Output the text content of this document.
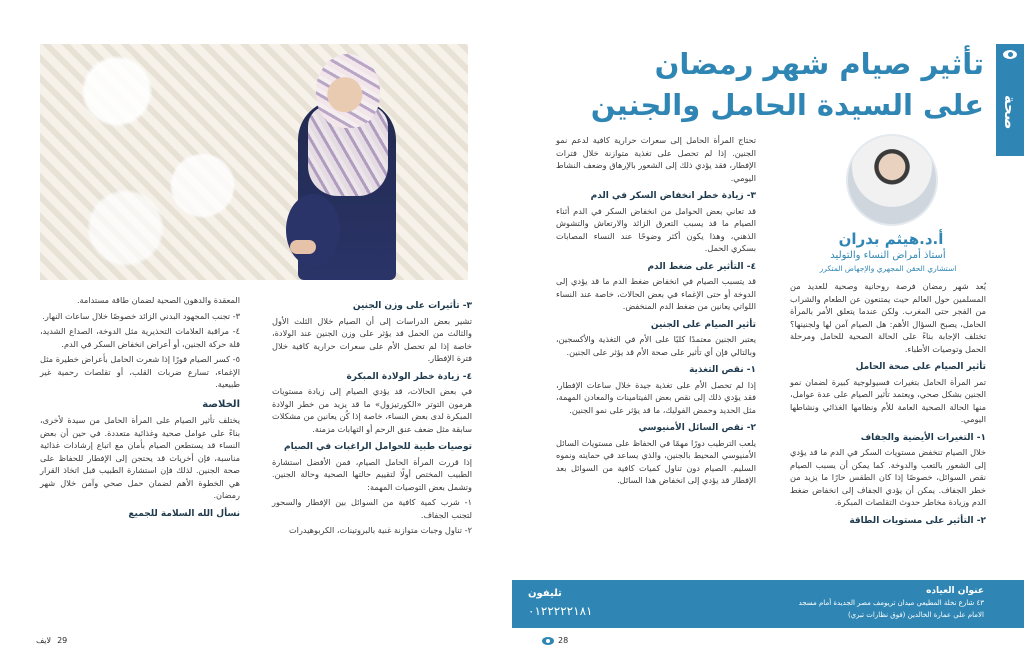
صحة
تأثير صيام شهر رمضان
على السيدة الحامل والجنين
أ.د.هيثم بدران
أستاذ أمراض النساء والتوليد
استشاري الحقن المجهري والإجهاض المتكرر

يُعد شهر رمضان فرصة روحانية وصحية للعديد من المسلمين حول العالم حيث يمتنعون عن الطعام والشراب من الفجر حتى المغرب. ولكن عندما يتعلق الأمر بالمرأة الحامل، يصبح السؤال الأهم: هل الصيام آمن لها ولجنينها؟ تختلف الإجابة بناءً على الحالة الصحية للحامل ومرحلة الحمل وتوصيات الأطباء.

تأثير الصيام على صحة الحامل

تمر المرأة الحامل بتغيرات فسيولوجية كبيرة لضمان نمو الجنين بشكل صحي، ويعتمد تأثير الصيام على عدة عوامل، منها الحالة الصحية العامة للأم ونظامها الغذائي ونشاطها اليومي.

١- التغيرات الأيضية والجفاف

خلال الصيام تنخفض مستويات السكر في الدم ما قد يؤدي إلى الشعور بالتعب والدوخة. كما يمكن أن يسبب الصيام نقص السوائل، خصوصًا إذا كان الطقس حارًا ما يزيد من خطر الجفاف. يمكن أن يؤدي الجفاف إلى انخفاض ضغط الدم وزيادة مخاطر حدوث التقلصات المبكرة.

٢- التأثير على مستويات الطاقة

تحتاج المرأة الحامل إلى سعرات حرارية كافية لدعم نمو الجنين. إذا لم تحصل على تغذية متوازنة خلال فترات الإفطار، فقد يؤدي ذلك إلى الشعور بالإرهاق وضعف النشاط اليومي.

٣- زيادة خطر انخفاض السكر في الدم

قد تعاني بعض الحوامل من انخفاض السكر في الدم أثناء الصيام ما قد يسبب التعرق الزائد والارتعاش والتشوش الذهني، وهذا يكون أكثر وضوحًا عند النساء المصابات بسكري الحمل.

٤- التأثير على ضغط الدم

قد يتسبب الصيام في انخفاض ضغط الدم ما قد يؤدي إلى الدوخة أو حتى الإغماء في بعض الحالات، خاصة عند النساء اللواتي يعانين من ضغط الدم المنخفض.

تأثير الصيام على الجنين

يعتبر الجنين معتمدًا كليًا على الأم في التغذية والأكسجين، وبالتالي فإن أي تأثير على صحة الأم قد يؤثر على الجنين.

١- نقص التغذية

إذا لم تحصل الأم على تغذية جيدة خلال ساعات الإفطار، فقد يؤدي ذلك إلى نقص بعض الفيتامينات والمعادن المهمة، مثل الحديد وحمض الفوليك، ما قد يؤثر على نمو الجنين.

٢- نقص السائل الأمنيوسي

يلعب الترطيب دورًا مهمًا في الحفاظ على مستويات السائل الأمنيوسي المحيط بالجنين، والذي يساعد في حمايته ونموه السليم. الصيام دون تناول كميات كافية من السوائل بعد الإفطار قد يؤدي إلى انخفاض هذا السائل.

عنوان العياده
٤٣ شارع نخلة المطيعي ميدان تريومف مصر الجديدة أمام مسجد
الامام علي عمارة الخالدين (فوق نظارات تبري)
تليفون
٠١٢٢٢٢٢١٨١
28
٣- تأثيرات على وزن الجنين

تشير بعض الدراسات إلى أن الصيام خلال الثلث الأول والثالث من الحمل قد يؤثر على وزن الجنين عند الولادة، خاصة إذا لم تحصل الأم على سعرات حرارية كافية خلال فترة الإفطار.

٤- زيادة خطر الولادة المبكرة

في بعض الحالات، قد يؤدي الصيام إلى زيادة مستويات هرمون التوتر «الكورتيزول» ما قد يزيد من خطر الولادة المبكرة لدى بعض النساء، خاصة إذا كُن يعانين من مشكلات سابقة مثل ضعف عنق الرحم أو التهابات مزمنة.

توصيات طبية للحوامل الراغبات في الصيام

إذا قررت المرأة الحامل الصيام، فمن الأفضل استشارة الطبيب المختص أولًا لتقييم حالتها الصحية وحالة الجنين. وتشمل بعض التوصيات المهمة:

١- شرب كمية كافية من السوائل بين الإفطار والسحور لتجنب الجفاف.

٢- تناول وجبات متوازنة غنية بالبروتينات، الكربوهيدرات

المعقدة والدهون الصحية لضمان طاقة مستدامة.

٣- تجنب المجهود البدني الزائد خصوصًا خلال ساعات النهار.

٤- مراقبة العلامات التحذيرية مثل الدوخة، الصداع الشديد، قلة حركة الجنين، أو أعراض انخفاض السكر في الدم.

٥- كسر الصيام فورًا إذا شعرت الحامل بأعراض خطيرة مثل الإغماء، تسارع ضربات القلب، أو تقلصات رحمية غير طبيعية.

الخلاصة

يختلف تأثير الصيام على المرأة الحامل من سيدة لأخرى، بناءً على عوامل صحية وغذائية متعددة. في حين أن بعض النساء قد يستطعن الصيام بأمان مع اتباع إرشادات غذائية مناسبة، فإن أخريات قد يحتجن إلى الإفطار للحفاظ على صحة الجنين. لذلك فإن استشارة الطبيب قبل اتخاذ القرار هي الخطوة الأهم لضمان حمل صحي وآمن خلال شهر رمضان.

نسأل الله السلامة للجميع

29
لايف
